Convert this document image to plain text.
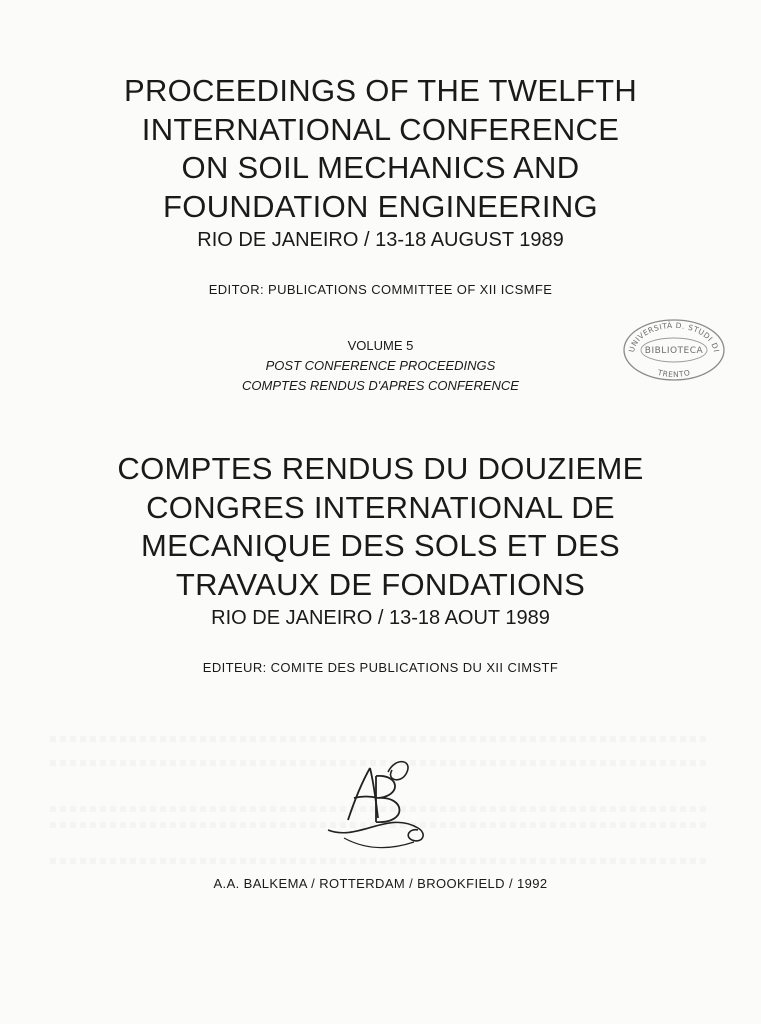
PROCEEDINGS OF THE TWELFTH
INTERNATIONAL CONFERENCE
ON SOIL MECHANICS AND
FOUNDATION ENGINEERING
RIO DE JANEIRO / 13-18 AUGUST 1989
EDITOR: PUBLICATIONS COMMITTEE OF XII ICSMFE
VOLUME 5
POST CONFERENCE PROCEEDINGS
COMPTES RENDUS D'APRES CONFERENCE
UNIVERSITÀ D. STUDI DI
TRENTO
BIBLIOTECA
COMPTES RENDUS DU DOUZIEME
CONGRES INTERNATIONAL DE
MECANIQUE DES SOLS ET DES
TRAVAUX DE FONDATIONS
RIO DE JANEIRO / 13-18 AOUT 1989
EDITEUR: COMITE DES PUBLICATIONS DU XII CIMSTF
A.A. BALKEMA / ROTTERDAM / BROOKFIELD / 1992
